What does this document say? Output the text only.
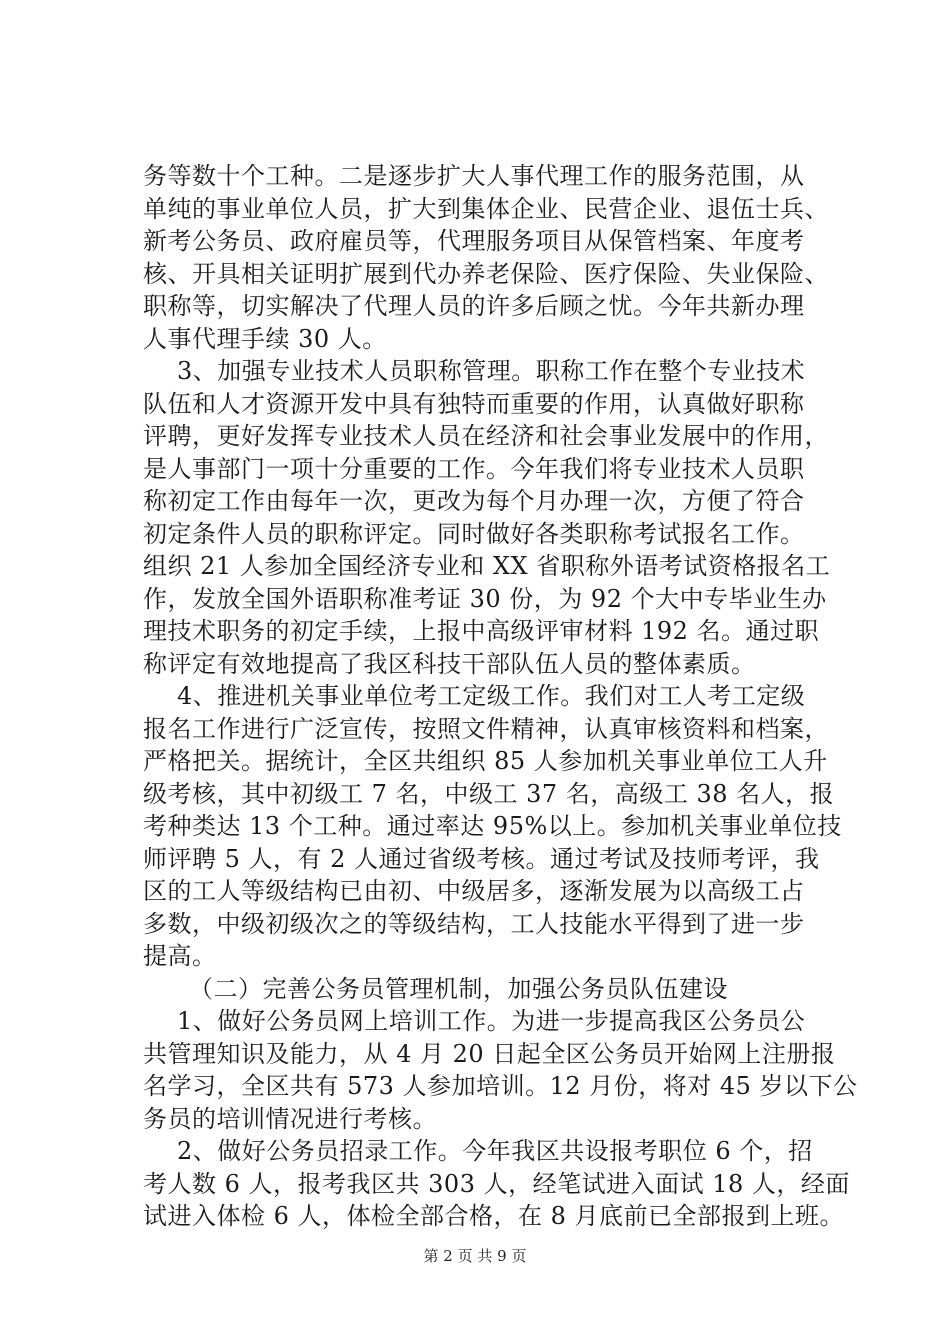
务等数十个工种。二是逐步扩大人事代理工作的服务范围，从
单纯的事业单位人员，扩大到集体企业、民营企业、退伍士兵、
新考公务员、政府雇员等，代理服务项目从保管档案、年度考
核、开具相关证明扩展到代办养老保险、医疗保险、失业保险、
职称等，切实解决了代理人员的许多后顾之忧。今年共新办理
人事代理手续 30 人。
3、加强专业技术人员职称管理。职称工作在整个专业技术
队伍和人才资源开发中具有独特而重要的作用，认真做好职称
评聘，更好发挥专业技术人员在经济和社会事业发展中的作用，
是人事部门一项十分重要的工作。今年我们将专业技术人员职
称初定工作由每年一次，更改为每个月办理一次，方便了符合
初定条件人员的职称评定。同时做好各类职称考试报名工作。
组织 21 人参加全国经济专业和 XX 省职称外语考试资格报名工
作，发放全国外语职称准考证 30 份，为 92 个大中专毕业生办
理技术职务的初定手续，上报中高级评审材料 192 名。通过职
称评定有效地提高了我区科技干部队伍人员的整体素质。
4、推进机关事业单位考工定级工作。我们对工人考工定级
报名工作进行广泛宣传，按照文件精神，认真审核资料和档案，
严格把关。据统计，全区共组织 85 人参加机关事业单位工人升
级考核，其中初级工 7 名，中级工 37 名，高级工 38 名人，报
考种类达 13 个工种。通过率达 95%以上。参加机关事业单位技
师评聘 5 人，有 2 人通过省级考核。通过考试及技师考评，我
区的工人等级结构已由初、中级居多，逐渐发展为以高级工占
多数，中级初级次之的等级结构，工人技能水平得到了进一步
提高。
（二）完善公务员管理机制，加强公务员队伍建设
1、做好公务员网上培训工作。为进一步提高我区公务员公
共管理知识及能力，从 4 月 20 日起全区公务员开始网上注册报
名学习，全区共有 573 人参加培训。12 月份，将对 45 岁以下公
务员的培训情况进行考核。
2、做好公务员招录工作。今年我区共设报考职位 6 个，招
考人数 6 人，报考我区共 303 人，经笔试进入面试 18 人，经面
试进入体检 6 人，体检全部合格，在 8 月底前已全部报到上班。
第 2 页 共 9 页
